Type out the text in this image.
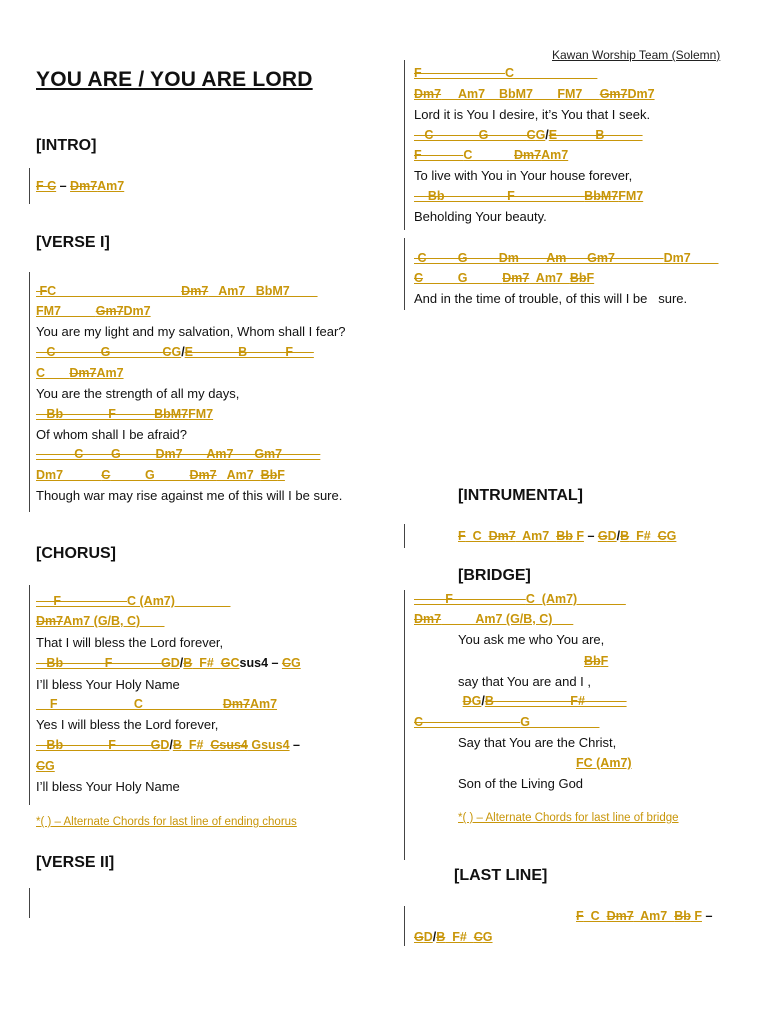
Kawan Worship Team (Solemn)
YOU ARE / YOU ARE LORD
[INTRO]
F C – Dm7Am7
[VERSE I]
FC                                    Dm7   Am7   BbM7
FM7          Gm7Dm7
You are my light and my salvation, Whom shall I fear?
C             G               CG/E             B           F
C       Dm7Am7
You are the strength of all my days,
Bb             F           BbM7FM7
Of whom shall I be afraid?
C        G          Dm7       Am7      Gm7
Dm7           C          G          Dm7   Am7  BbF
Though war may rise against me of this will I be sure.
[CHORUS]
F                   C (Am7)
Dm7Am7 (G/B, C)
That I will bless the Lord forever,
Bb            F              GD/B  F#  GCsus4 – CG
I’ll bless Your Holy Name
F                      C                       Dm7Am7
Yes I will bless the Lord forever,
Bb             F          GD/B  F#  Csus4 Gsus4 –
CG
I’ll bless Your Holy Name
*( ) – Alternate Chords for last line of ending chorus
[VERSE II]
F                        C
Dm7     Am7    BbM7       FM7     Gm7Dm7
Lord it is You I desire, it’s You that I seek.
C             G           CG/E           B
F            C            Dm7Am7
To live with You in Your house forever,
Bb                  F                    BbM7FM7
Beholding Your beauty.
C         G         Dm        Am      Gm7              Dm7
C          G          Dm7  Am7  BbF
And in the time of trouble, of this will I be   sure.
[INTRUMENTAL]
F  C  Dm7  Am7  Bb F – GD/B  F#  CG
[BRIDGE]
F                     C  (Am7)
Dm7          Am7 (G/B, C)
You ask me who You are,
BbF
say that You are and I ,
DG/B                      F#
C                            G
Say that You are the Christ,
FC (Am7)
Son of the Living God
*( ) – Alternate Chords for last line of bridge
[LAST LINE]
F  C  Dm7  Am7  Bb F –
GD/B  F#  CG
